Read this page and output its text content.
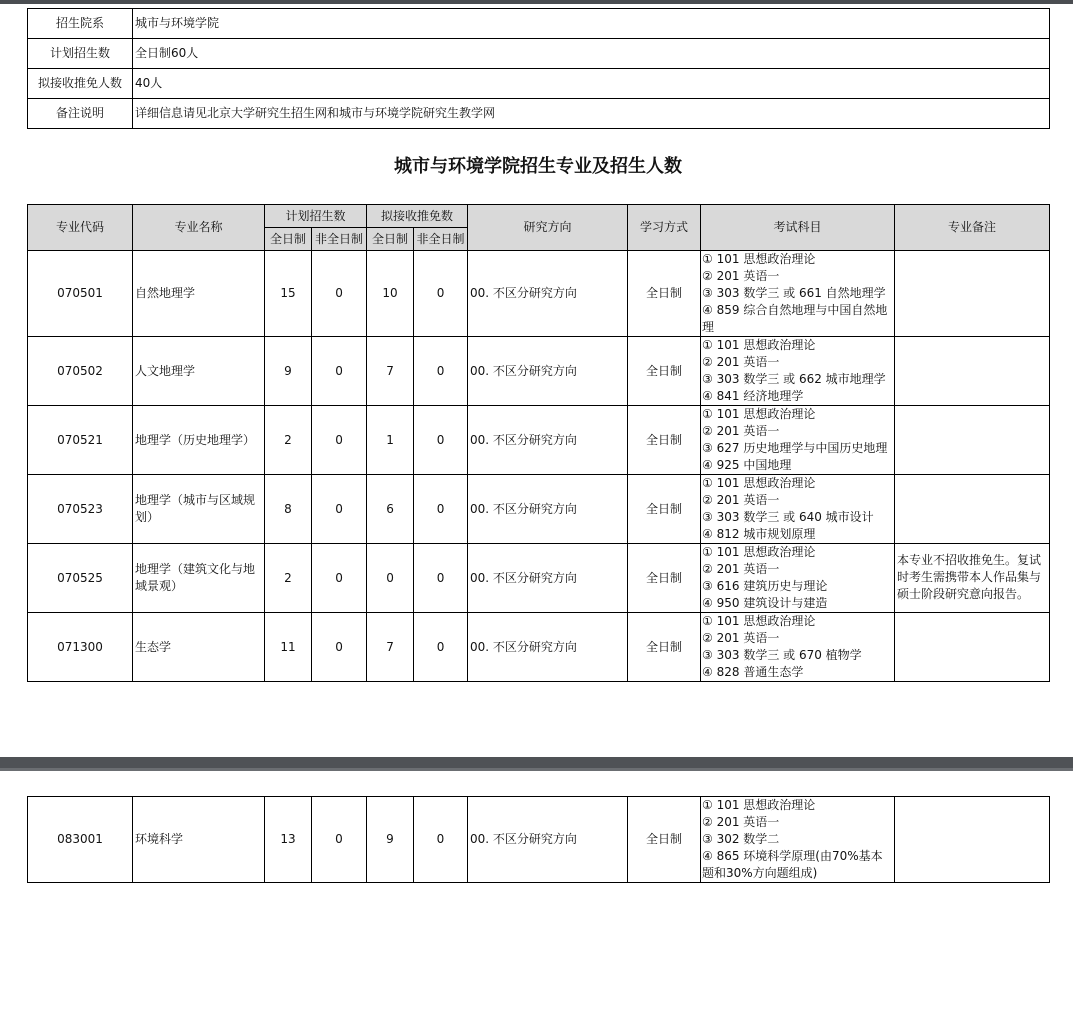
招生院系	城市与环境学院
计划招生数	全日制60人
拟接收推免人数	40人
备注说明	详细信息请见北京大学研究生招生网和城市与环境学院研究生教学网
城市与环境学院招生专业及招生人数
专业代码	专业名称	计划招生数		拟接收推免数		研究方向	学习方式	考试科目	专业备注
		全日制	非全日制	全日制	非全日制				
070501	自然地理学	15	0	10	0	00. 不区分研究方向	全日制	① 101 思想政治理论
② 201 英语一
③ 303 数学三 或 661 自然地理学
④ 859 综合自然地理与中国自然地理	

070502	人文地理学	9	0	7	0	00. 不区分研究方向	全日制	① 101 思想政治理论
② 201 英语一
③ 303 数学三 或 662 城市地理学
④ 841 经济地理学	

070521	地理学（历史地理学）	2	0	1	0	00. 不区分研究方向	全日制	① 101 思想政治理论
② 201 英语一
③ 627 历史地理学与中国历史地理
④ 925 中国地理	

070523	地理学（城市与区域规划）	8	0	6	0	00. 不区分研究方向	全日制	① 101 思想政治理论
② 201 英语一
③ 303 数学三 或 640 城市设计
④ 812 城市规划原理	

070525	地理学（建筑文化与地域景观）	2	0	0	0	00. 不区分研究方向	全日制	① 101 思想政治理论
② 201 英语一
③ 616 建筑历史与理论
④ 950 建筑设计与建造	本专业不招收推免生。复试时考生需携带本人作品集与硕士阶段研究意向报告。
071300	生态学	11	0	7	0	00. 不区分研究方向	全日制	① 101 思想政治理论
② 201 英语一
③ 303 数学三 或 670 植物学
④ 828 普通生态学	

083001	环境科学	13	0	9	0	00. 不区分研究方向	全日制	
① 101 思想政治理论
② 201 英语一
③ 302 数学二
④ 865 环境科学原理(由70%基本题和30%方向题组成)
